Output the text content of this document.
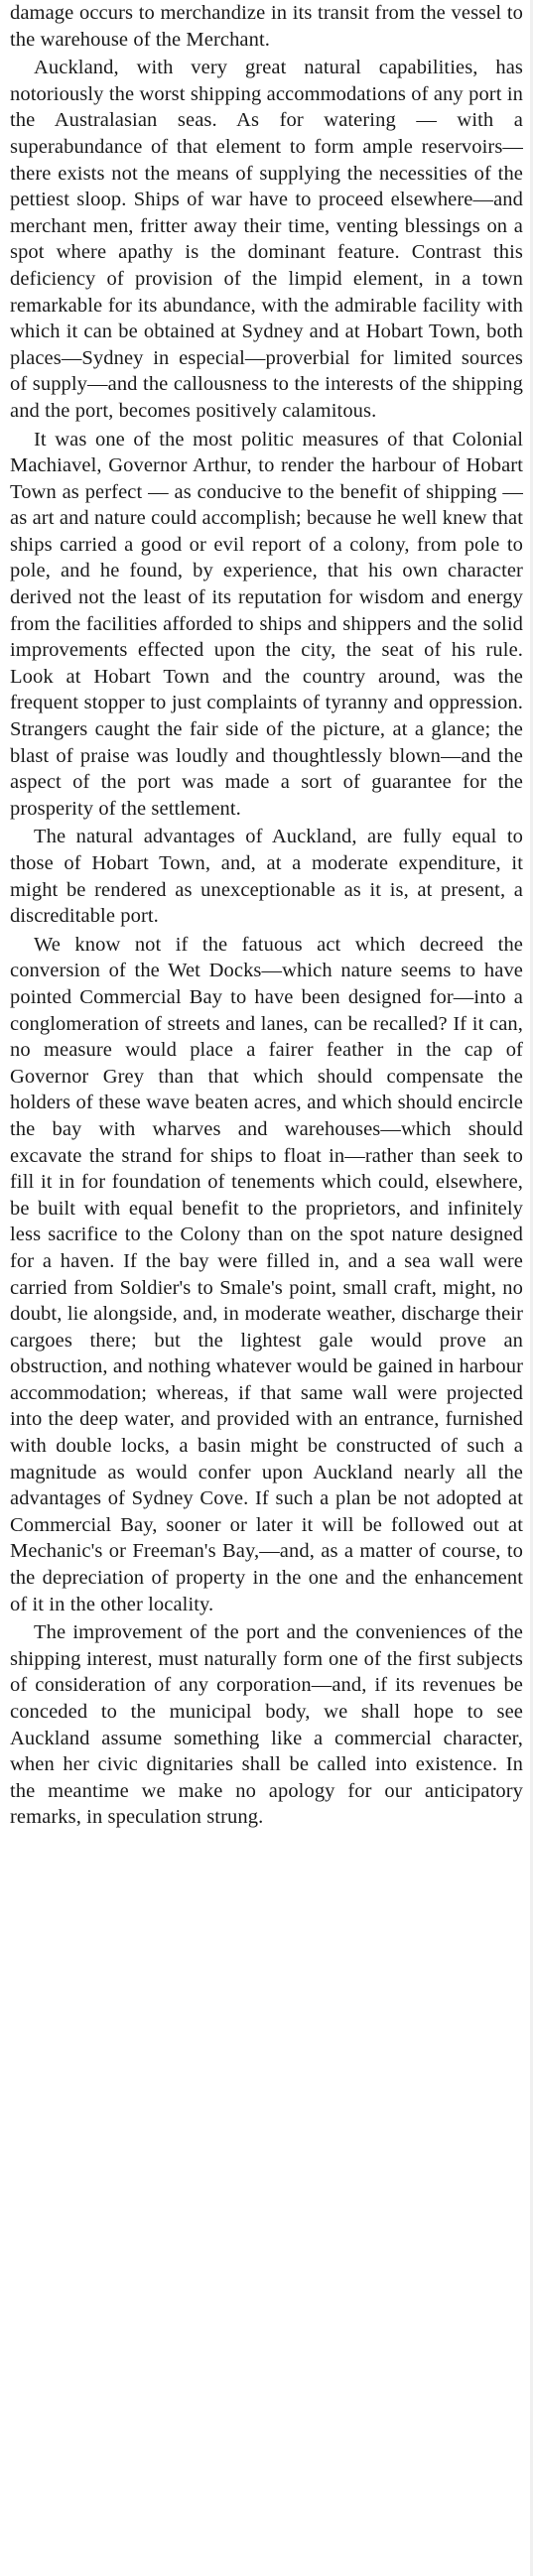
damage occurs to merchandize in its transit from the vessel to the warehouse of the Merchant.

Auckland, with very great natural capabilities, has notoriously the worst shipping accommodations of any port in the Australasian seas. As for watering — with a superabundance of that element to form ample reservoirs—there exists not the means of supplying the necessities of the pettiest sloop. Ships of war have to proceed elsewhere—and merchant men, fritter away their time, venting blessings on a spot where apathy is the dominant feature. Contrast this deficiency of provision of the limpid element, in a town remarkable for its abundance, with the admirable facility with which it can be obtained at Sydney and at Hobart Town, both places—Sydney in especial—proverbial for limited sources of supply—and the callousness to the interests of the shipping and the port, becomes positively calamitous.

It was one of the most politic measures of that Colonial Machiavel, Governor Arthur, to render the harbour of Hobart Town as perfect — as conducive to the benefit of shipping — as art and nature could accomplish; because he well knew that ships carried a good or evil report of a colony, from pole to pole, and he found, by experience, that his own character derived not the least of its reputation for wisdom and energy from the facilities afforded to ships and shippers and the solid improvements effected upon the city, the seat of his rule. Look at Hobart Town and the country around, was the frequent stopper to just complaints of tyranny and oppression. Strangers caught the fair side of the picture, at a glance; the blast of praise was loudly and thoughtlessly blown—and the aspect of the port was made a sort of guarantee for the prosperity of the settlement.

The natural advantages of Auckland, are fully equal to those of Hobart Town, and, at a moderate expenditure, it might be rendered as unexceptionable as it is, at present, a discreditable port.

We know not if the fatuous act which decreed the conversion of the Wet Docks—which nature seems to have pointed Commercial Bay to have been designed for—into a conglomeration of streets and lanes, can be recalled? If it can, no measure would place a fairer feather in the cap of Governor Grey than that which should compensate the holders of these wave beaten acres, and which should encircle the bay with wharves and warehouses—which should excavate the strand for ships to float in—rather than seek to fill it in for foundation of tenements which could, elsewhere, be built with equal benefit to the proprietors, and infinitely less sacrifice to the Colony than on the spot nature designed for a haven. If the bay were filled in, and a sea wall were carried from Soldier's to Smale's point, small craft, might, no doubt, lie alongside, and, in moderate weather, discharge their cargoes there; but the lightest gale would prove an obstruction, and nothing whatever would be gained in harbour accommodation; whereas, if that same wall were projected into the deep water, and provided with an entrance, furnished with double locks, a basin might be constructed of such a magnitude as would confer upon Auckland nearly all the advantages of Sydney Cove. If such a plan be not adopted at Commercial Bay, sooner or later it will be followed out at Mechanic's or Freeman's Bay,—and, as a matter of course, to the depreciation of property in the one and the enhancement of it in the other locality.

The improvement of the port and the conveniences of the shipping interest, must naturally form one of the first subjects of consideration of any corporation—and, if its revenues be conceded to the municipal body, we shall hope to see Auckland assume something like a commercial character, when her civic dignitaries shall be called into existence. In the meantime we make no apology for our anticipatory remarks, in speculation strung.
